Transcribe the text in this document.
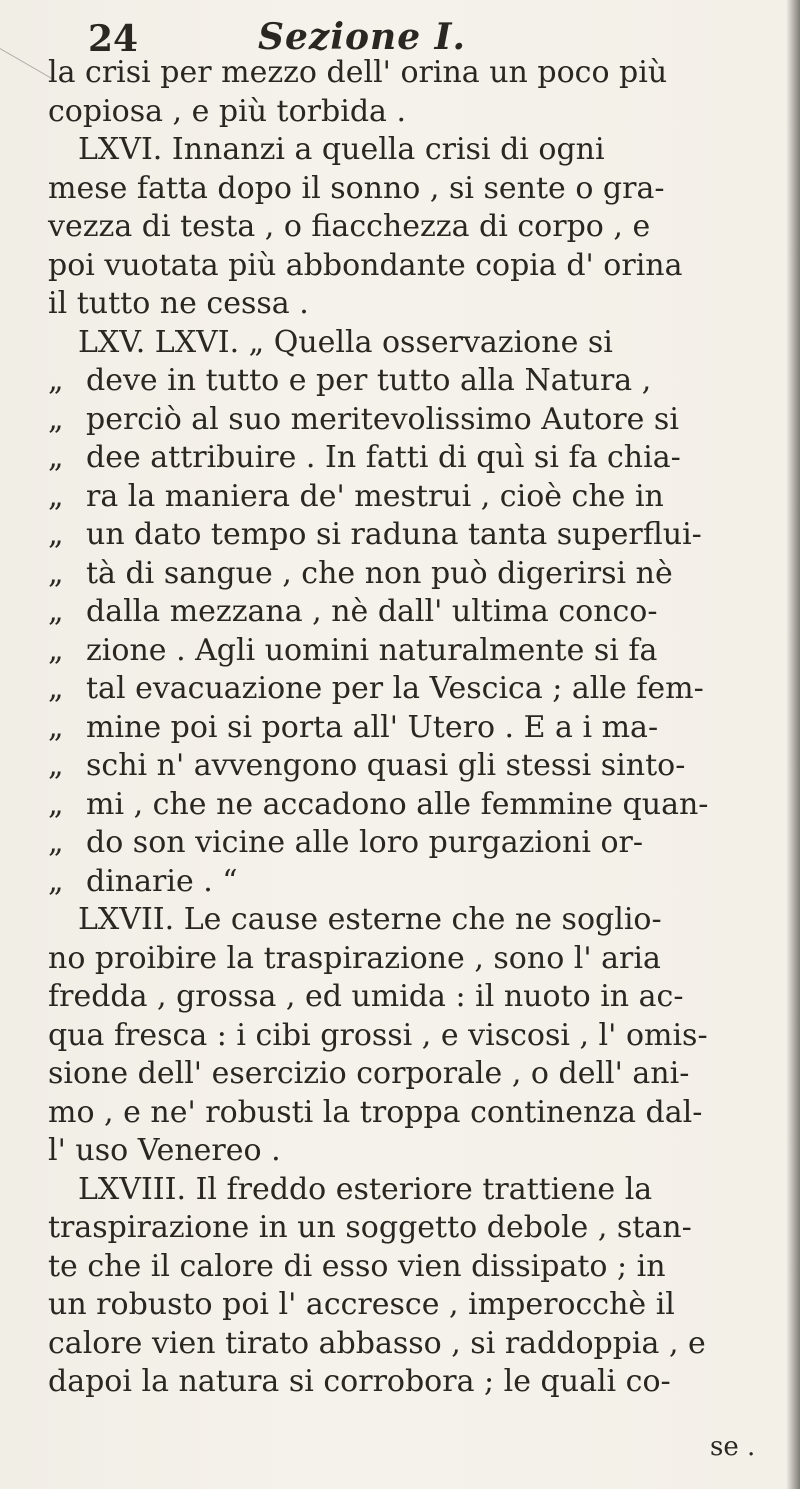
24	Sezione I.
la crisi per mezzo dell' orina un poco più
copiosa , e più torbida .
LXVI. Innanzi a quella crisi di ogni
mese fatta dopo il sonno , si sente o gra-
vezza di testa , o fiacchezza di corpo , e
poi vuotata più abbondante copia d' orina
il tutto ne cessa .
LXV. LXVI. „ Quella osservazione si
„ deve in tutto e per tutto alla Natura ,
„ perciò al suo meritevolissimo Autore si
„ dee attribuire . In fatti di quì si fa chia-
„ ra la maniera de' mestrui , cioè che in
„ un dato tempo si raduna tanta superflui-
„ tà di sangue , che non può digerirsi nè
„ dalla mezzana , nè dall' ultima conco-
„ zione . Agli uomini naturalmente si fa
„ tal evacuazione per la Vescica ; alle fem-
„ mine poi si porta all' Utero . E a i ma-
„ schi n' avvengono quasi gli stessi sinto-
„ mi , che ne accadono alle femmine quan-
„ do son vicine alle loro purgazioni or-
„ dinarie . “
LXVII. Le cause esterne che ne soglio-
no proibire la traspirazione , sono l' aria
fredda , grossa , ed umida : il nuoto in ac-
qua fresca : i cibi grossi , e viscosi , l' omis-
sione dell' esercizio corporale , o dell' ani-
mo , e ne' robusti la troppa continenza dal-
l' uso Venereo .
LXVIII. Il freddo esteriore trattiene la
traspirazione in un soggetto debole , stan-
te che il calore di esso vien dissipato ; in
un robusto poi l' accresce , imperocchè il
calore vien tirato abbasso , si raddoppia , e
dapoi la natura si corrobora ; le quali co-
se .
